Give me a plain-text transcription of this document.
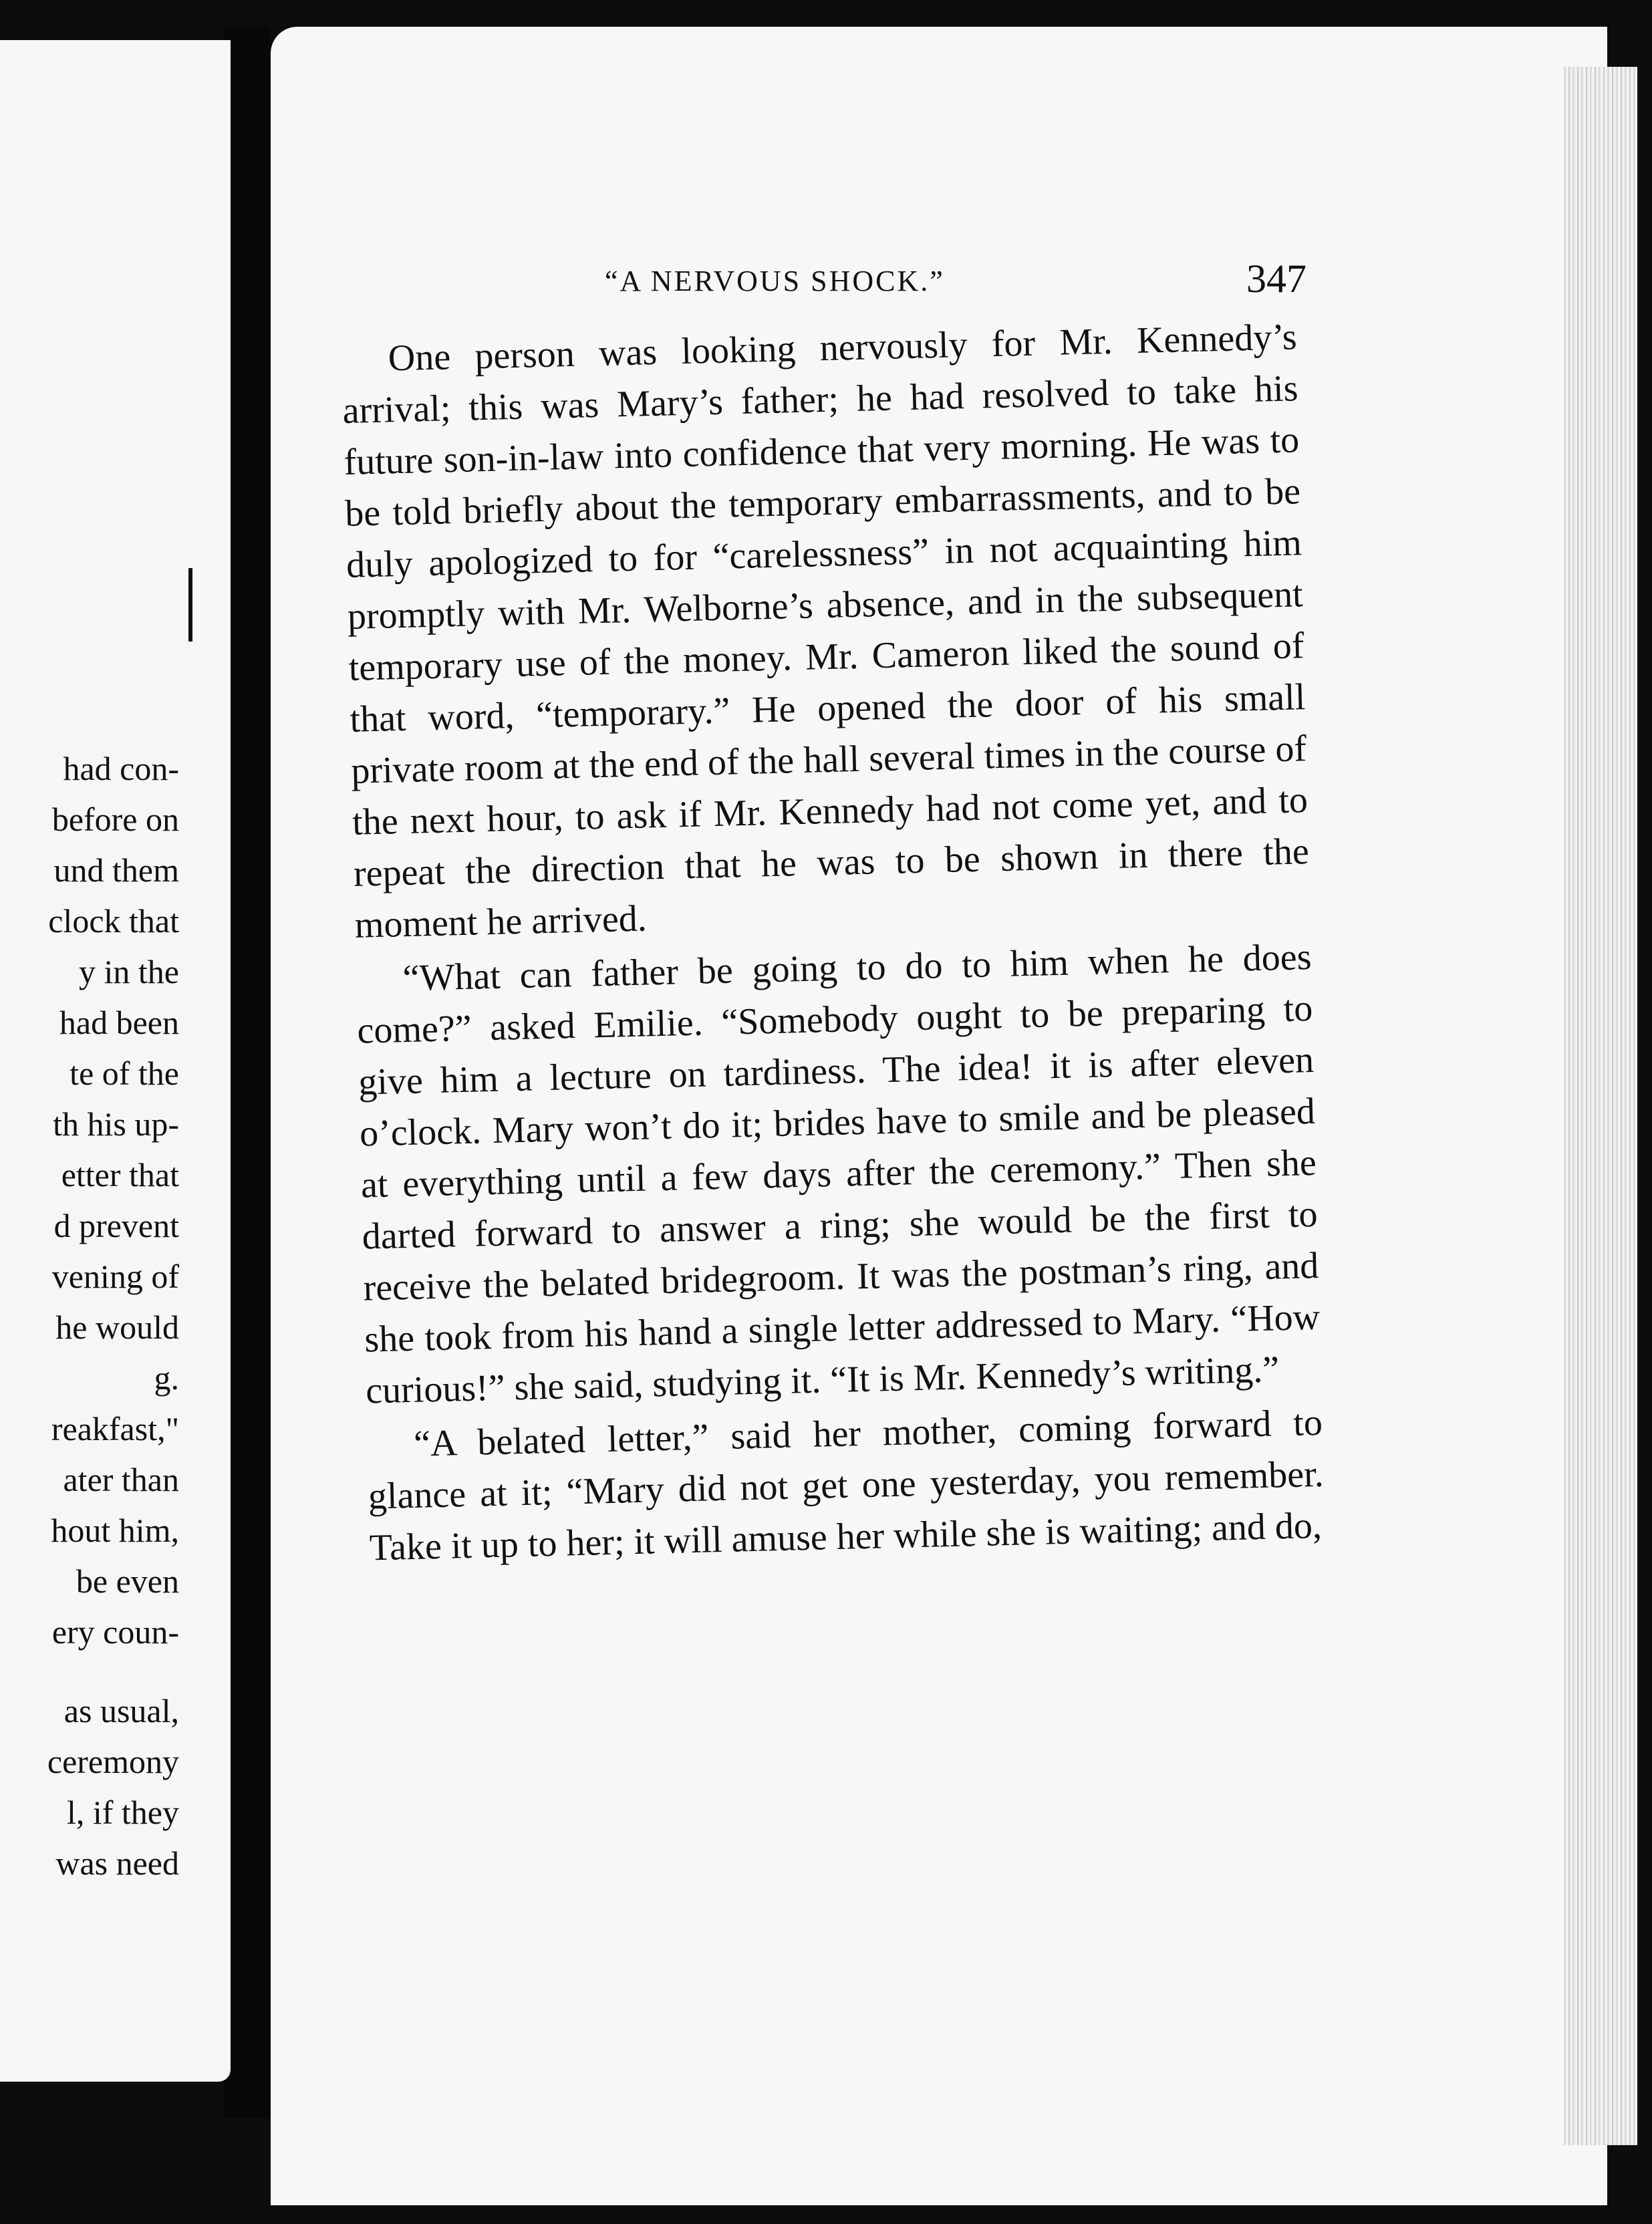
had con-
before on
und them
clock that
y in the
had been
te of the
th his up-
etter that
d prevent
vening of
he would
g.
reakfast,"
ater than
hout him,
be even
ery coun-
as usual,
ceremony
l, if they
was need
“A NERVOUS SHOCK.”	347

One person was looking nervously for Mr. Kennedy’s arrival; this was Mary’s father; he had resolved to take his future son-in-law into confidence that very morning. He was to be told briefly about the temporary embarrassments, and to be duly apologized to for “carelessness” in not acquainting him promptly with Mr. Welborne’s absence, and in the subsequent temporary use of the money. Mr. Cameron liked the sound of that word, “temporary.” He opened the door of his small private room at the end of the hall several times in the course of the next hour, to ask if Mr. Kennedy had not come yet, and to repeat the direction that he was to be shown in there the moment he arrived.

“What can father be going to do to him when he does come?” asked Emilie. “Somebody ought to be preparing to give him a lecture on tardiness. The idea! it is after eleven o’clock. Mary won’t do it; brides have to smile and be pleased at everything until a few days after the ceremony.” Then she darted forward to answer a ring; she would be the first to receive the belated bridegroom. It was the postman’s ring, and she took from his hand a single letter addressed to Mary. “How curious!” she said, studying it. “It is Mr. Kennedy’s writing.”

“A belated letter,” said her mother, coming forward to glance at it; “Mary did not get one yesterday, you remember. Take it up to her; it will amuse her while she is waiting; and do,
